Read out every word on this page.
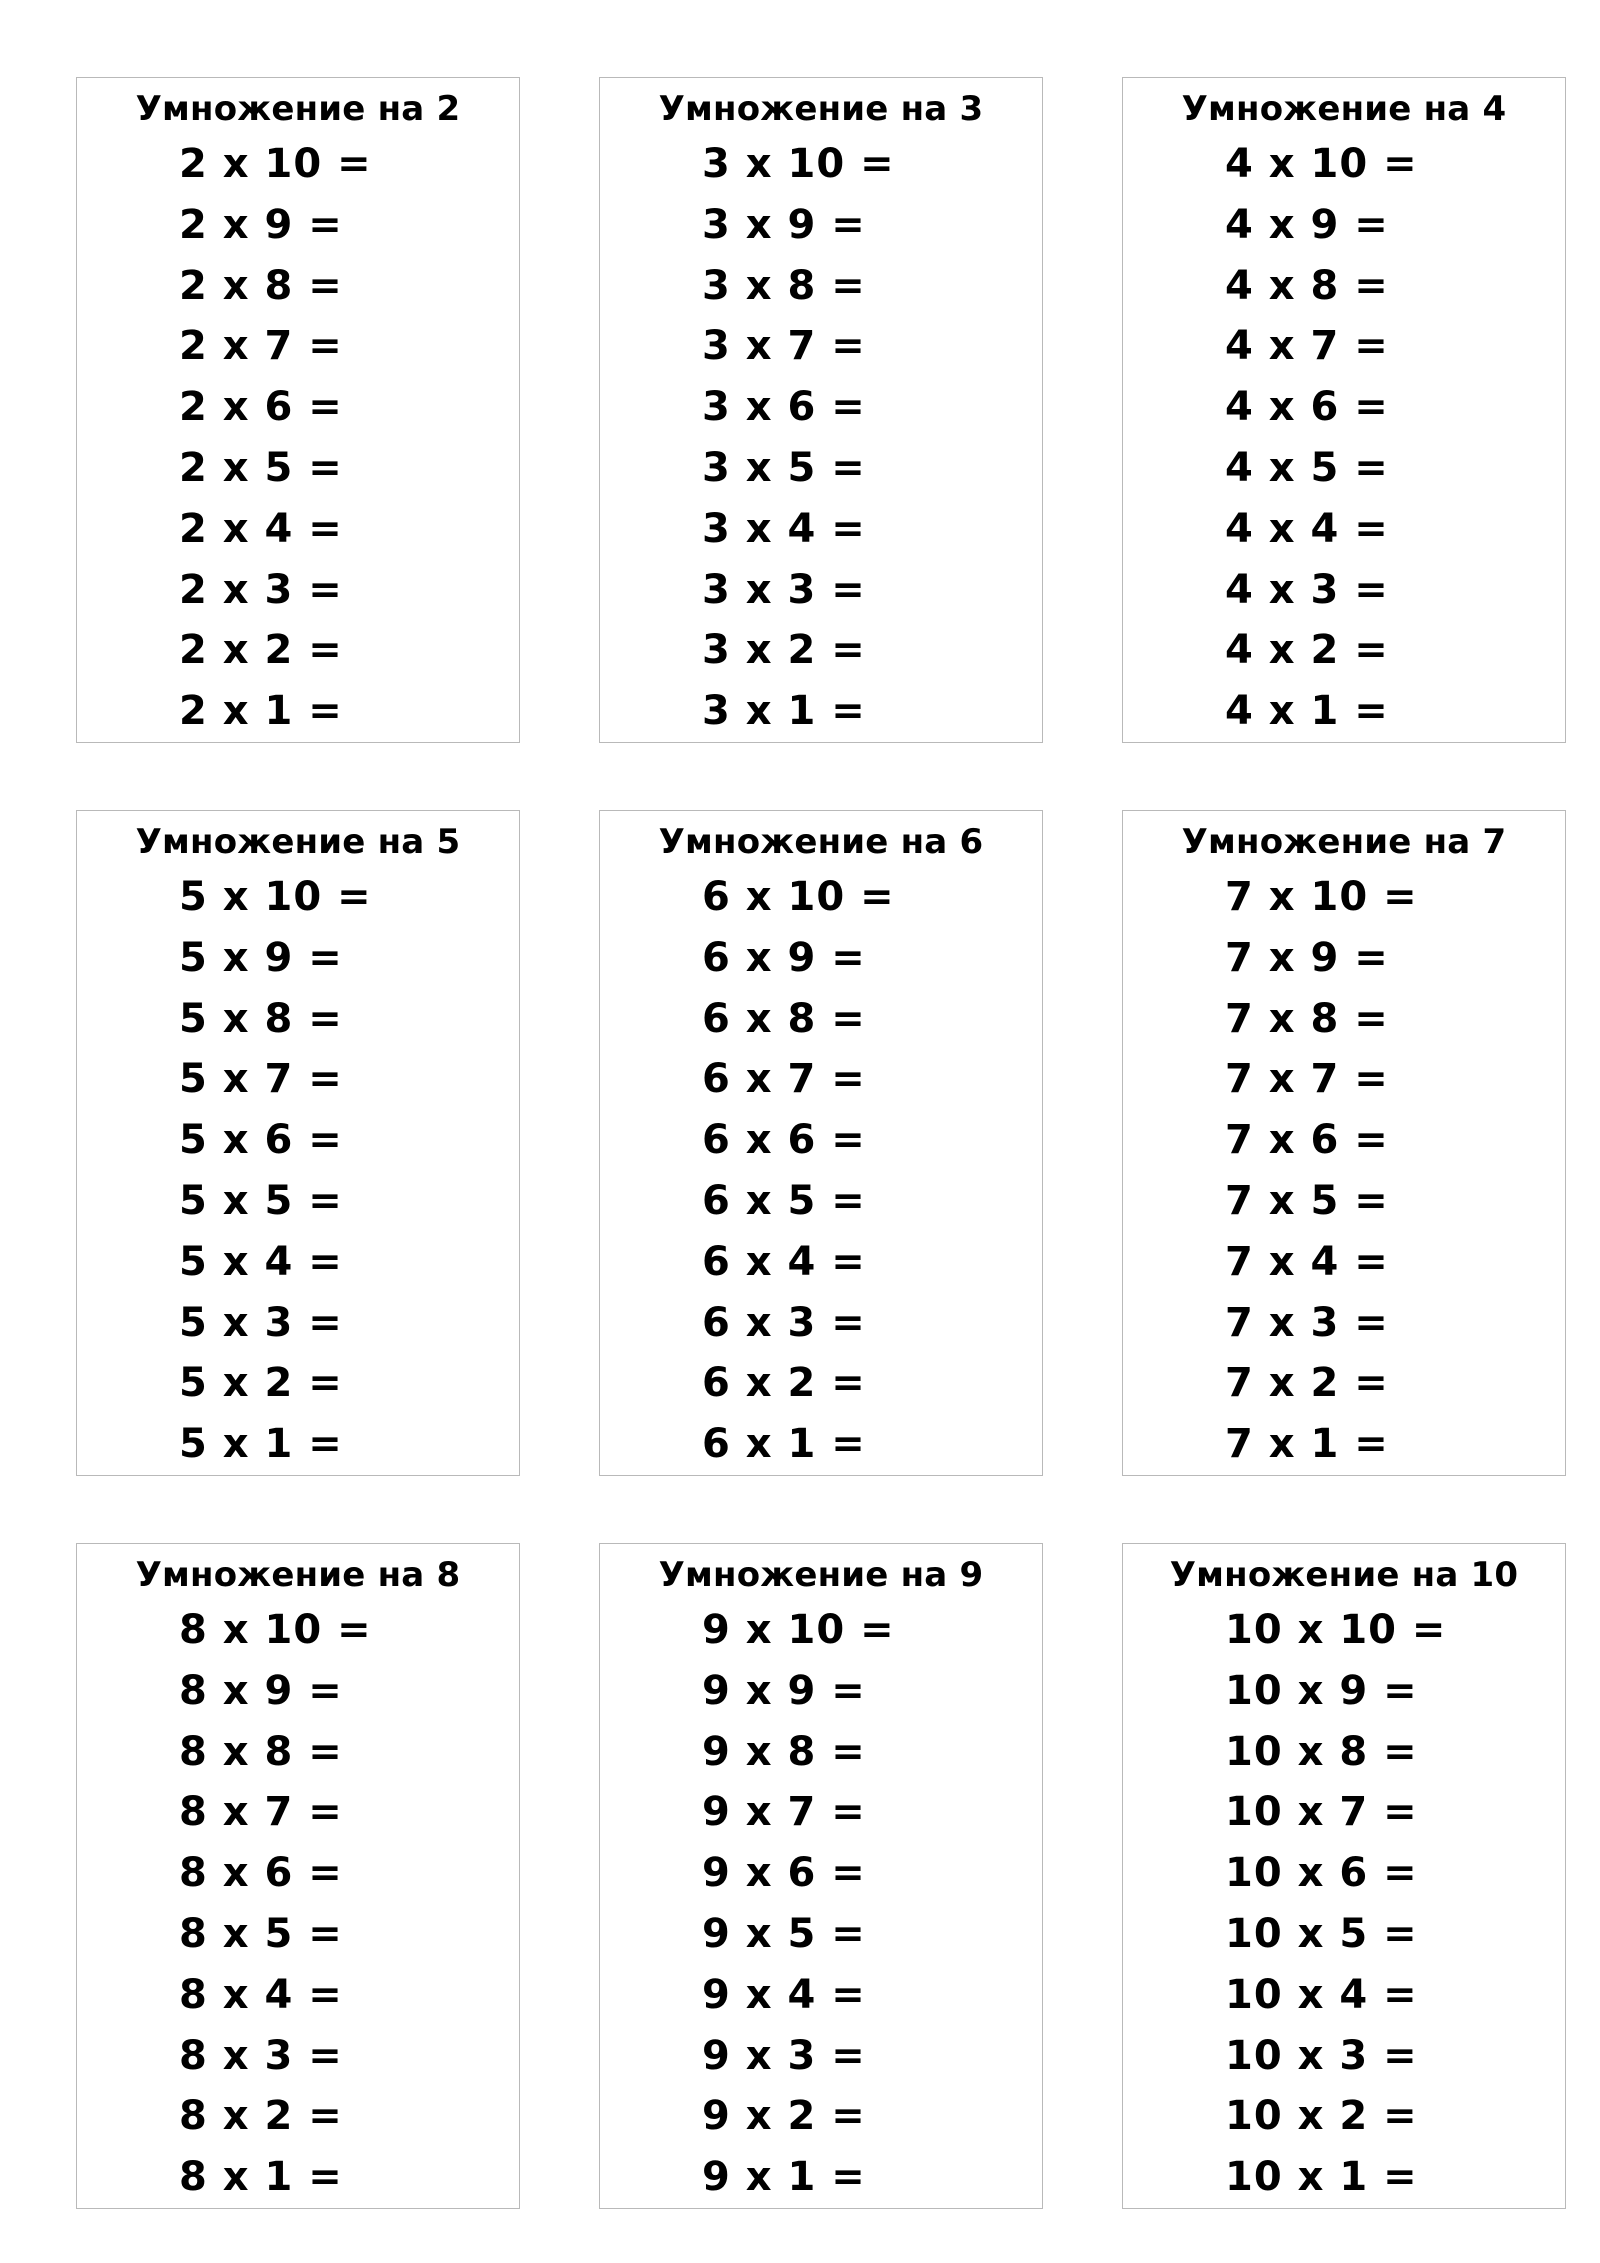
Умножение на 2
2 x 10 =
2 x 9 =
2 x 8 =
2 x 7 =
2 x 6 =
2 x 5 =
2 x 4 =
2 x 3 =
2 x 2 =
2 x 1 =
Умножение на 3
3 x 10 =
3 x 9 =
3 x 8 =
3 x 7 =
3 x 6 =
3 x 5 =
3 x 4 =
3 x 3 =
3 x 2 =
3 x 1 =
Умножение на 4
4 x 10 =
4 x 9 =
4 x 8 =
4 x 7 =
4 x 6 =
4 x 5 =
4 x 4 =
4 x 3 =
4 x 2 =
4 x 1 =
Умножение на 5
5 x 10 =
5 x 9 =
5 x 8 =
5 x 7 =
5 x 6 =
5 x 5 =
5 x 4 =
5 x 3 =
5 x 2 =
5 x 1 =
Умножение на 6
6 x 10 =
6 x 9 =
6 x 8 =
6 x 7 =
6 x 6 =
6 x 5 =
6 x 4 =
6 x 3 =
6 x 2 =
6 x 1 =
Умножение на 7
7 x 10 =
7 x 9 =
7 x 8 =
7 x 7 =
7 x 6 =
7 x 5 =
7 x 4 =
7 x 3 =
7 x 2 =
7 x 1 =
Умножение на 8
8 x 10 =
8 x 9 =
8 x 8 =
8 x 7 =
8 x 6 =
8 x 5 =
8 x 4 =
8 x 3 =
8 x 2 =
8 x 1 =
Умножение на 9
9 x 10 =
9 x 9 =
9 x 8 =
9 x 7 =
9 x 6 =
9 x 5 =
9 x 4 =
9 x 3 =
9 x 2 =
9 x 1 =
Умножение на 10
10 x 10 =
10 x 9 =
10 x 8 =
10 x 7 =
10 x 6 =
10 x 5 =
10 x 4 =
10 x 3 =
10 x 2 =
10 x 1 =
